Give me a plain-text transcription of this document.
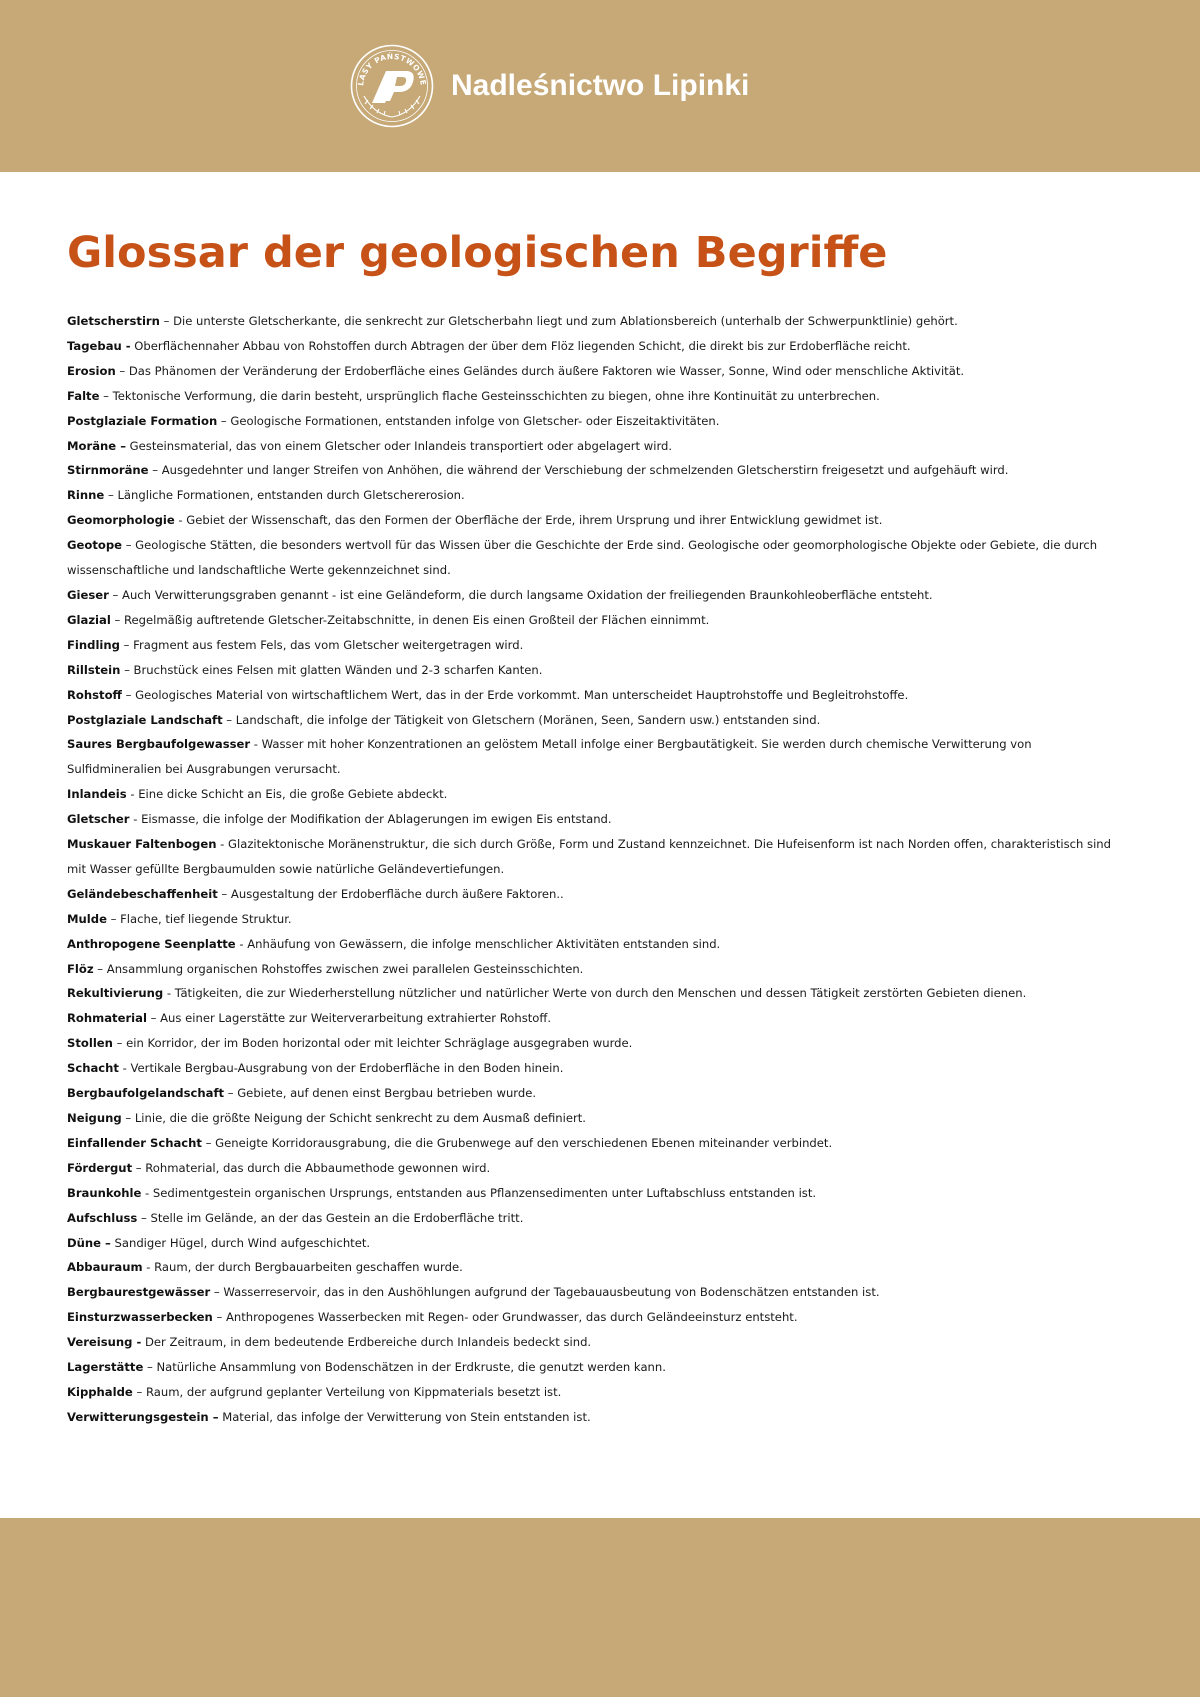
LASY PAŃSTWOWE Nadleśnictwo Lipinki
Glossar der geologischen Begriffe
Gletscherstirn – Die unterste Gletscherkante, die senkrecht zur Gletscherbahn liegt und zum Ablationsbereich (unterhalb der Schwerpunktlinie) gehört.
Tagebau - Oberflächennaher Abbau von Rohstoffen durch Abtragen der über dem Flöz liegenden Schicht, die direkt bis zur Erdoberfläche reicht.
Erosion – Das Phänomen der Veränderung der Erdoberfläche eines Geländes durch äußere Faktoren wie Wasser, Sonne, Wind oder menschliche Aktivität.
Falte – Tektonische Verformung, die darin besteht, ursprünglich flache Gesteinsschichten zu biegen, ohne ihre Kontinuität zu unterbrechen.
Postglaziale Formation – Geologische Formationen, entstanden infolge von Gletscher- oder Eiszeitaktivitäten.
Moräne – Gesteinsmaterial, das von einem Gletscher oder Inlandeis transportiert oder abgelagert wird.
Stirnmoräne – Ausgedehnter und langer Streifen von Anhöhen, die während der Verschiebung der schmelzenden Gletscherstirn freigesetzt und aufgehäuft wird.
Rinne – Längliche Formationen, entstanden durch Gletschererosion.
Geomorphologie - Gebiet der Wissenschaft, das den Formen der Oberfläche der Erde, ihrem Ursprung und ihrer Entwicklung gewidmet ist.
Geotope – Geologische Stätten, die besonders wertvoll für das Wissen über die Geschichte der Erde sind. Geologische oder geomorphologische Objekte oder Gebiete, die durch wissenschaftliche und landschaftliche Werte gekennzeichnet sind.
Gieser – Auch Verwitterungsgraben genannt - ist eine Geländeform, die durch langsame Oxidation der freiliegenden Braunkohleoberfläche entsteht.
Glazial – Regelmäßig auftretende Gletscher-Zeitabschnitte, in denen Eis einen Großteil der Flächen einnimmt.
Findling – Fragment aus festem Fels, das vom Gletscher weitergetragen wird.
Rillstein – Bruchstück eines Felsen mit glatten Wänden und 2-3 scharfen Kanten.
Rohstoff – Geologisches Material von wirtschaftlichem Wert, das in der Erde vorkommt. Man unterscheidet Hauptrohstoffe und Begleitrohstoffe.
Postglaziale Landschaft – Landschaft, die infolge der Tätigkeit von Gletschern (Moränen, Seen, Sandern usw.) entstanden sind.
Saures Bergbaufolgewasser - Wasser mit hoher Konzentrationen an gelöstem Metall infolge einer Bergbautätigkeit. Sie werden durch chemische Verwitterung von Sulfidmineralien bei Ausgrabungen verursacht.
Inlandeis - Eine dicke Schicht an Eis, die große Gebiete abdeckt.
Gletscher - Eismasse, die infolge der Modifikation der Ablagerungen im ewigen Eis entstand.
Muskauer Faltenbogen - Glazitektonische Moränenstruktur, die sich durch Größe, Form und Zustand kennzeichnet. Die Hufeisenform ist nach Norden offen, charakteristisch sind mit Wasser gefüllte Bergbaumulden sowie natürliche Geländevertiefungen.
Geländebeschaffenheit – Ausgestaltung der Erdoberfläche durch äußere Faktoren..
Mulde – Flache, tief liegende Struktur.
Anthropogene Seenplatte - Anhäufung von Gewässern, die infolge menschlicher Aktivitäten entstanden sind.
Flöz – Ansammlung organischen Rohstoffes zwischen zwei parallelen Gesteinsschichten.
Rekultivierung - Tätigkeiten, die zur Wiederherstellung nützlicher und natürlicher Werte von durch den Menschen und dessen Tätigkeit zerstörten Gebieten dienen.
Rohmaterial – Aus einer Lagerstätte zur Weiterverarbeitung extrahierter Rohstoff.
Stollen – ein Korridor, der im Boden horizontal oder mit leichter Schräglage ausgegraben wurde.
Schacht - Vertikale Bergbau-Ausgrabung von der Erdoberfläche in den Boden hinein.
Bergbaufolgelandschaft – Gebiete, auf denen einst Bergbau betrieben wurde.
Neigung – Linie, die die größte Neigung der Schicht senkrecht zu dem Ausmaß definiert.
Einfallender Schacht – Geneigte Korridorausgrabung, die die Grubenwege auf den verschiedenen Ebenen miteinander verbindet.
Fördergut – Rohmaterial, das durch die Abbaumethode gewonnen wird.
Braunkohle - Sedimentgestein organischen Ursprungs, entstanden aus Pflanzensedimenten unter Luftabschluss entstanden ist.
Aufschluss – Stelle im Gelände, an der das Gestein an die Erdoberfläche tritt.
Düne – Sandiger Hügel, durch Wind aufgeschichtet.
Abbauraum - Raum, der durch Bergbauarbeiten geschaffen wurde.
Bergbaurestgewässer – Wasserreservoir, das in den Aushöhlungen aufgrund der Tagebauausbeutung von Bodenschätzen entstanden ist.
Einsturzwasserbecken – Anthropogenes Wasserbecken mit Regen- oder Grundwasser, das durch Geländeeinsturz entsteht.
Vereisung - Der Zeitraum, in dem bedeutende Erdbereiche durch Inlandeis bedeckt sind.
Lagerstätte – Natürliche Ansammlung von Bodenschätzen in der Erdkruste, die genutzt werden kann.
Kipphalde – Raum, der aufgrund geplanter Verteilung von Kippmaterials besetzt ist.
Verwitterungsgestein – Material, das infolge der Verwitterung von Stein entstanden ist.
